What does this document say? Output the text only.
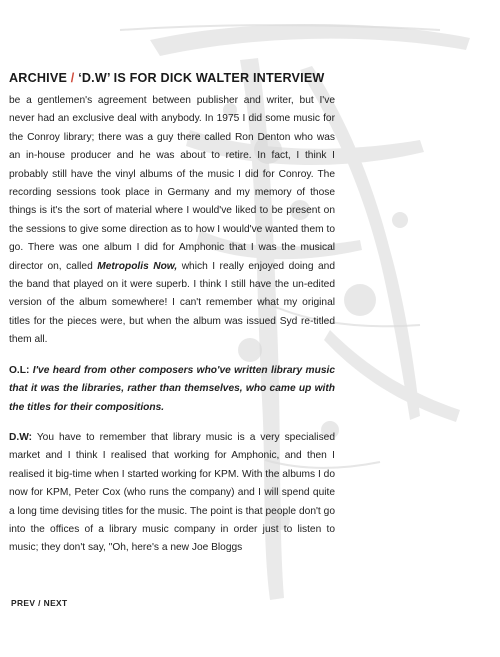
ARCHIVE / ‘D.W’ IS FOR DICK WALTER INTERVIEW

be a gentlemen's agreement between publisher and writer, but I've never had an exclusive deal with anybody. In 1975 I did some music for the Conroy library; there was a guy there called Ron Denton who was an in-house producer and he was about to retire. In fact, I think I probably still have the vinyl albums of the music I did for Conroy. The recording sessions took place in Germany and my memory of those things is it's the sort of material where I would've liked to be present on the sessions to give some direction as to how I would've wanted them to go. There was one album I did for Amphonic that I was the musical director on, called Metropolis Now, which I really enjoyed doing and the band that played on it were superb. I think I still have the un-edited version of the album somewhere! I can't remember what my original titles for the pieces were, but when the album was issued Syd re-titled them all.

O.L: I've heard from other composers who've written library music that it was the libraries, rather than themselves, who came up with the titles for their compositions.

D.W: You have to remember that library music is a very specialised market and I think I realised that working for Amphonic, and then I realised it big-time when I started working for KPM. With the albums I do now for KPM, Peter Cox (who runs the company) and I will spend quite a long time devising titles for the music. The point is that people don't go into the offices of a library music company in order just to listen to music; they don't say, "Oh, here's a new Joe Bloggs

PREV / NEXT
